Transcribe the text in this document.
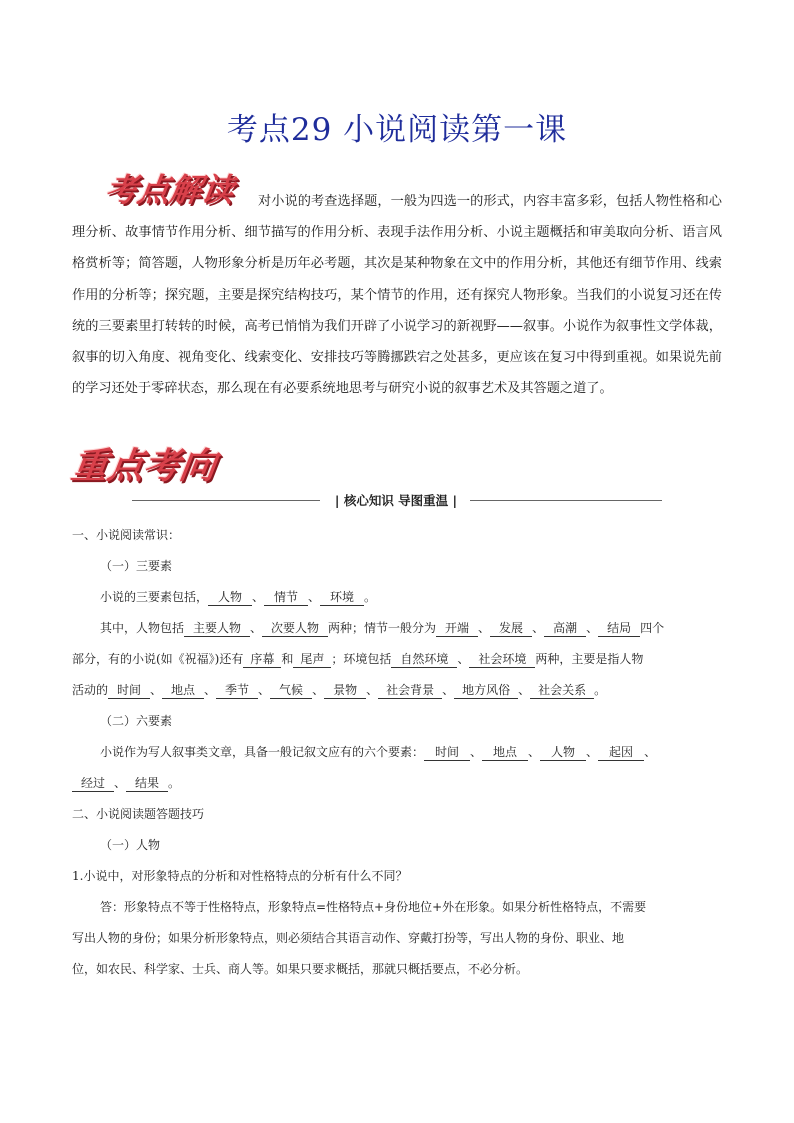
考点29 小说阅读第一课
考点解读	对小说的考查选择题，一般为四选一的形式，内容丰富多彩，包括人物性格和心理分析、故事情节作用分析、细节描写的作用分析、表现手法作用分析、小说主题概括和审美取向分析、语言风格赏析等；简答题，人物形象分析是历年必考题，其次是某种物象在文中的作用分析，其他还有细节作用、线索作用的分析等；探究题，主要是探究结构技巧，某个情节的作用，还有探究人物形象。当我们的小说复习还在传统的三要素里打转转的时候，高考已悄悄为我们开辟了小说学习的新视野——叙事。小说作为叙事性文学体裁，叙事的切入角度、视角变化、线索变化、安排技巧等腾挪跌宕之处甚多，更应该在复习中得到重视。如果说先前的学习还处于零碎状态，那么现在有必要系统地思考与研究小说的叙事艺术及其答题之道了。

重点考向
| 核心知识 导图重温 |
一、小说阅读常识：
（一）三要素
小说的三要素包括， 人物 、 情节 、 环境 。
其中，人物包括 主要人物 、 次要人物 两种；情节一般分为 开端 、 发展 、 高潮 、 结局 四个
部分，有的小说(如《祝福》)还有 序幕 和 尾声 ；环境包括 自然环境 、 社会环境 两种，主要是指人物
活动的 时间 、 地点 、 季节 、 气候 、 景物 、 社会背景 、 地方风俗 、 社会关系 。
（二）六要素
小说作为写人叙事类文章，具备一般记叙文应有的六个要素： 时间 、 地点 、 人物 、 起因 、
经过 、 结果 。
二、小说阅读题答题技巧
（一）人物
1.小说中，对形象特点的分析和对性格特点的分析有什么不同？
答：形象特点不等于性格特点，形象特点=性格特点+身份地位+外在形象。如果分析性格特点，不需要
写出人物的身份；如果分析形象特点，则必须结合其语言动作、穿戴打扮等，写出人物的身份、职业、地
位，如农民、科学家、士兵、商人等。如果只要求概括，那就只概括要点，不必分析。
